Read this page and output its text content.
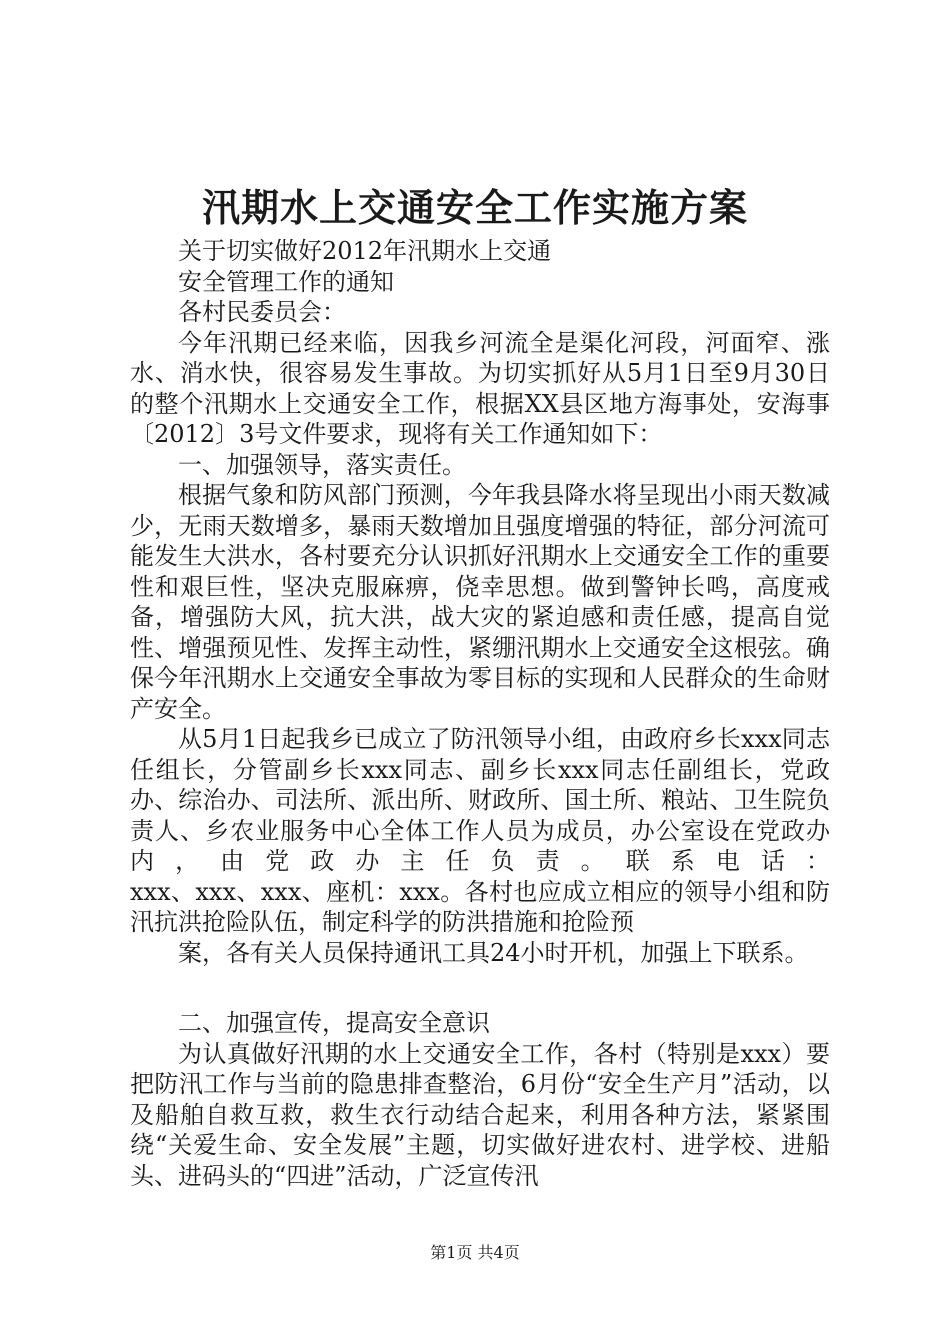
汛期水上交通安全工作实施方案

关于切实做好2012年汛期水上交通

安全管理工作的通知

各村民委员会：

今年汛期已经来临，因我乡河流全是渠化河段，河面窄、涨水、消水快，很容易发生事故。为切实抓好从5月1日至9月30日的整个汛期水上交通安全工作，根据XX县区地方海事处，安海事〔2012〕3号文件要求，现将有关工作通知如下：

一、加强领导，落实责任。

根据气象和防风部门预测，今年我县降水将呈现出小雨天数减少，无雨天数增多，暴雨天数增加且强度增强的特征，部分河流可能发生大洪水，各村要充分认识抓好汛期水上交通安全工作的重要性和艰巨性，坚决克服麻痹，侥幸思想。做到警钟长鸣，高度戒备，增强防大风，抗大洪，战大灾的紧迫感和责任感，提高自觉性、增强预见性、发挥主动性，紧绷汛期水上交通安全这根弦。确保今年汛期水上交通安全事故为零目标的实现和人民群众的生命财产安全。

从5月1日起我乡已成立了防汛领导小组，由政府乡长xxx同志任组长，分管副乡长xxx同志、副乡长xxx同志任副组长，党政办、综治办、司法所、派出所、财政所、国土所、粮站、卫生院负责人、乡农业服务中心全体工作人员为成员，办公室设在党政办内，由党政办主任负责。联系电话：

xxx、xxx、xxx、座机：xxx。各村也应成立相应的领导小组和防汛抗洪抢险队伍，制定科学的防洪措施和抢险预

案，各有关人员保持通讯工具24小时开机，加强上下联系。

二、加强宣传，提高安全意识

为认真做好汛期的水上交通安全工作，各村（特别是xxx）要把防汛工作与当前的隐患排查整治，6月份“安全生产月”活动，以及船舶自救互救，救生衣行动结合起来，利用各种方法，紧紧围绕“关爱生命、安全发展”主题，切实做好进农村、进学校、进船头、进码头的“四进”活动，广泛宣传汛

第1页 共4页
